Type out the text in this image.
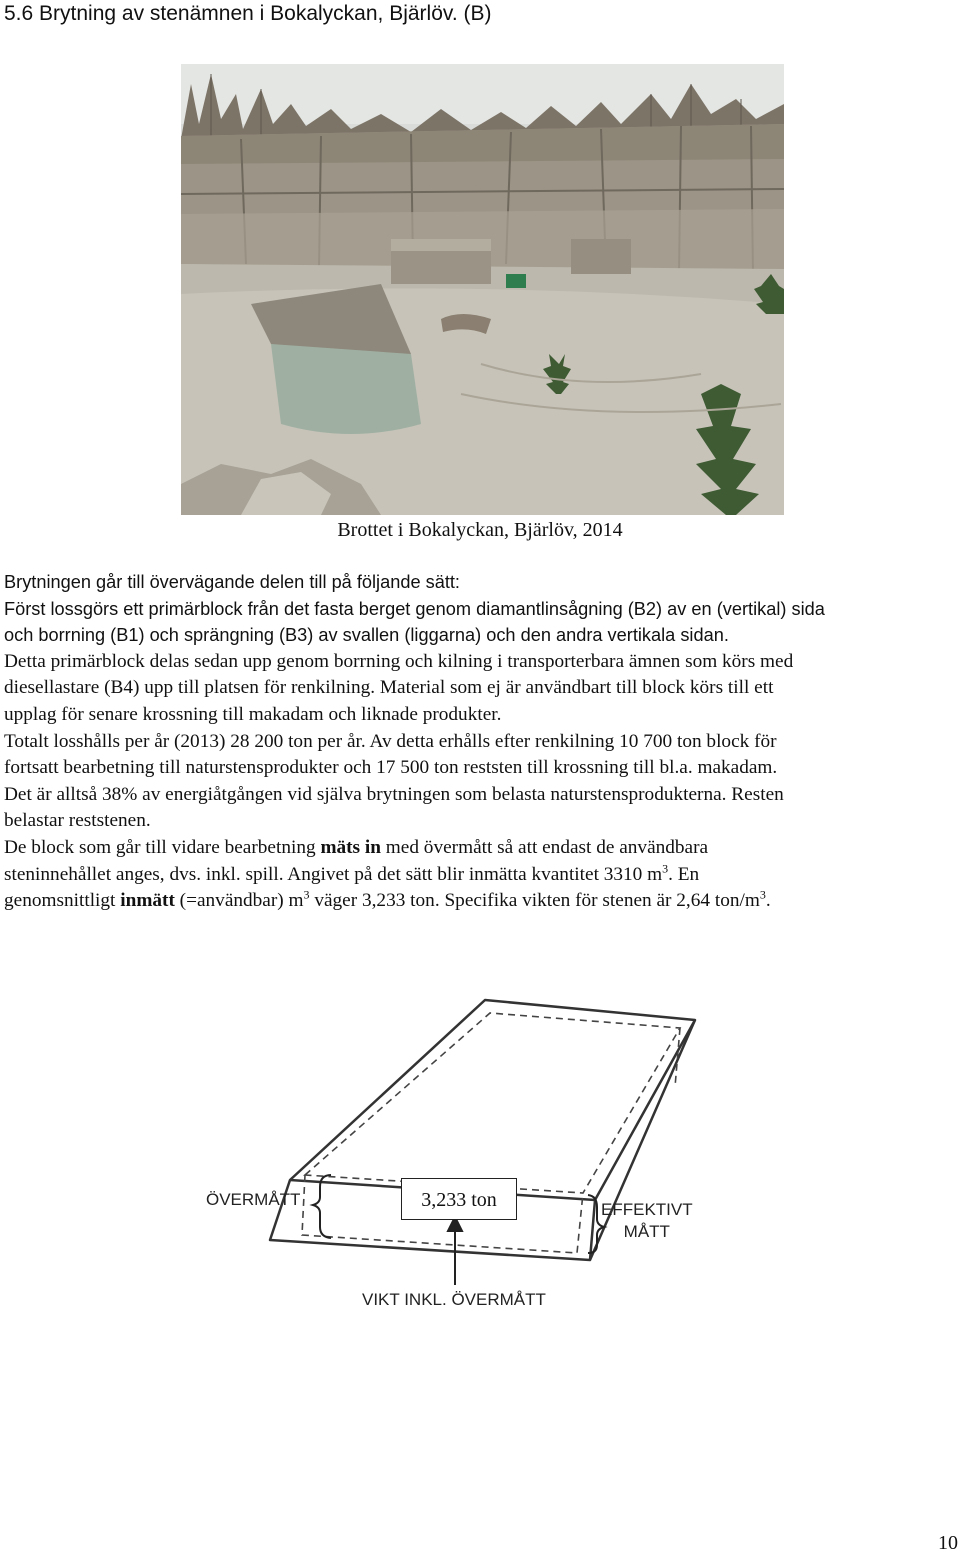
5.6 Brytning av stenämnen i Bokalyckan, Bjärlöv. (B)
Brottet i Bokalyckan, Bjärlöv, 2014
Brytningen går till övervägande delen till på följande sätt:
Först lossgörs ett primärblock från det fasta berget genom diamantlinsågning (B2) av en (vertikal) sida
och borrning (B1) och sprängning (B3) av svallen (liggarna) och den andra vertikala sidan.
Detta primärblock delas sedan upp genom borrning och kilning i transporterbara ämnen som körs med
diesellastare (B4) upp till platsen för renkilning. Material som ej är användbart till block körs till ett
upplag för senare krossning till makadam och liknade produkter.
Totalt losshålls per år (2013) 28 200 ton per år. Av detta erhålls efter renkilning 10 700 ton block för
fortsatt bearbetning till naturstensprodukter och 17 500 ton reststen till krossning till bl.a. makadam.
Det är alltså 38% av energiåtgången vid själva brytningen som belasta naturstensprodukterna. Resten
belastar reststenen.
De block som går till vidare bearbetning mäts in med övermått så att endast de användbara
steninnehållet anges, dvs. inkl. spill. Angivet på det sätt blir inmätta kvantitet 3310 $m^3$. En
genomsnittligt inmätt (=användbar) $m^3$ väger 3,233 ton. Specifika vikten för stenen är 2,64 ton/$m^3$.
ÖVERMÅTT
EFFEKTIVT
MÅTT
VIKT INKL. ÖVERMÅTT
3,233 ton
10
